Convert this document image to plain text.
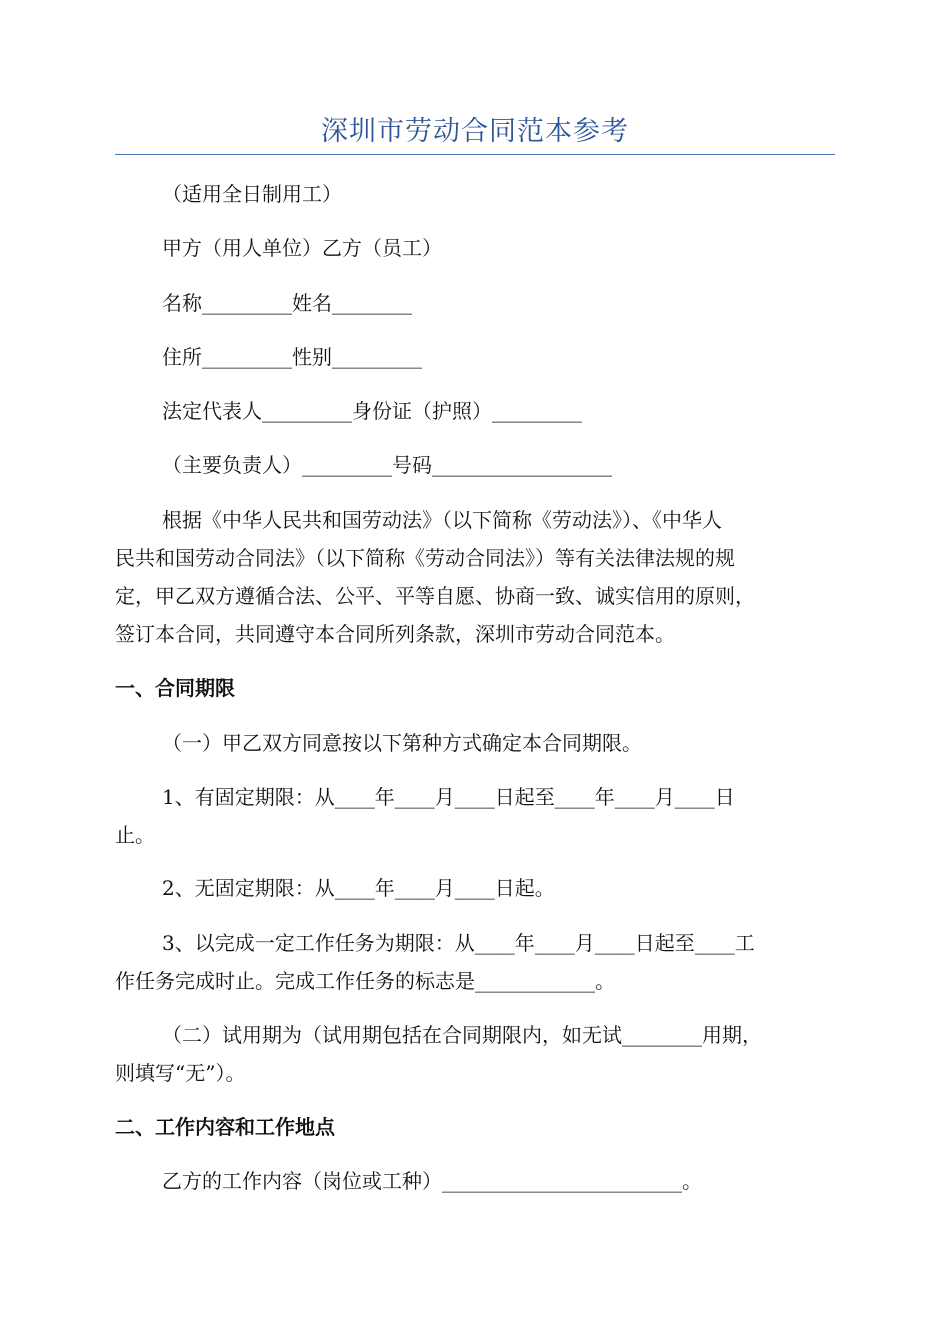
深圳市劳动合同范本参考
（适用全日制用工）
甲方（用人单位）乙方（员工）
名称_________姓名________
住所_________性别_________
法定代表人_________身份证（护照）_________
（主要负责人）_________号码__________________
根据《中华人民共和国劳动法》（以下简称《劳动法》）、《中华人
民共和国劳动合同法》（以下简称《劳动合同法》）等有关法律法规的规
定，甲乙双方遵循合法、公平、平等自愿、协商一致、诚实信用的原则，
签订本合同，共同遵守本合同所列条款，深圳市劳动合同范本。
一、合同期限
（一）甲乙双方同意按以下第种方式确定本合同期限。
1、有固定期限：从____年____月____日起至____年____月____日
止。
2、无固定期限：从____年____月____日起。
3、以完成一定工作任务为期限：从____年____月____日起至____工
作任务完成时止。完成工作任务的标志是____________。
（二）试用期为（试用期包括在合同期限内，如无试________用期，
则填写“无”）。
二、工作内容和工作地点
乙方的工作内容（岗位或工种）________________________。
